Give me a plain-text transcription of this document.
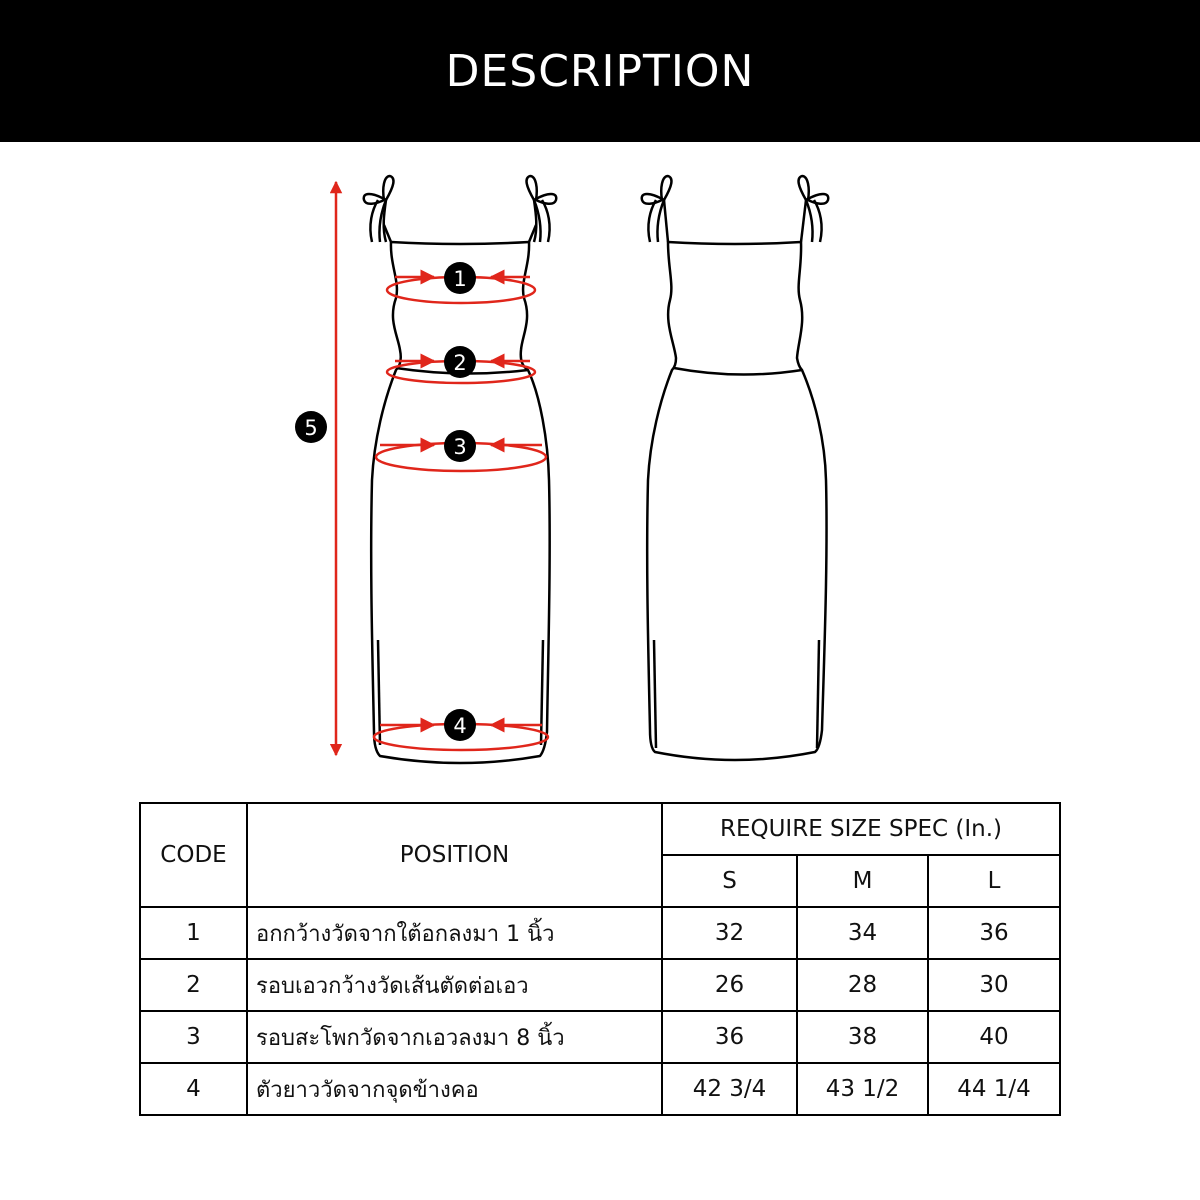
DESCRIPTION
1
2
3
4
5
CODE	POSITION	REQUIRE SIZE SPEC (In.)		
		S	M	L
1	อกกว้างวัดจากใต้อกลงมา 1 นิ้ว	32	34	36
2	รอบเอวกว้างวัดเส้นตัดต่อเอว	26	28	30
3	รอบสะโพกวัดจากเอวลงมา 8 นิ้ว	36	38	40
4	ตัวยาววัดจากจุดข้างคอ	42 3/4	43 1/2	44 1/4
